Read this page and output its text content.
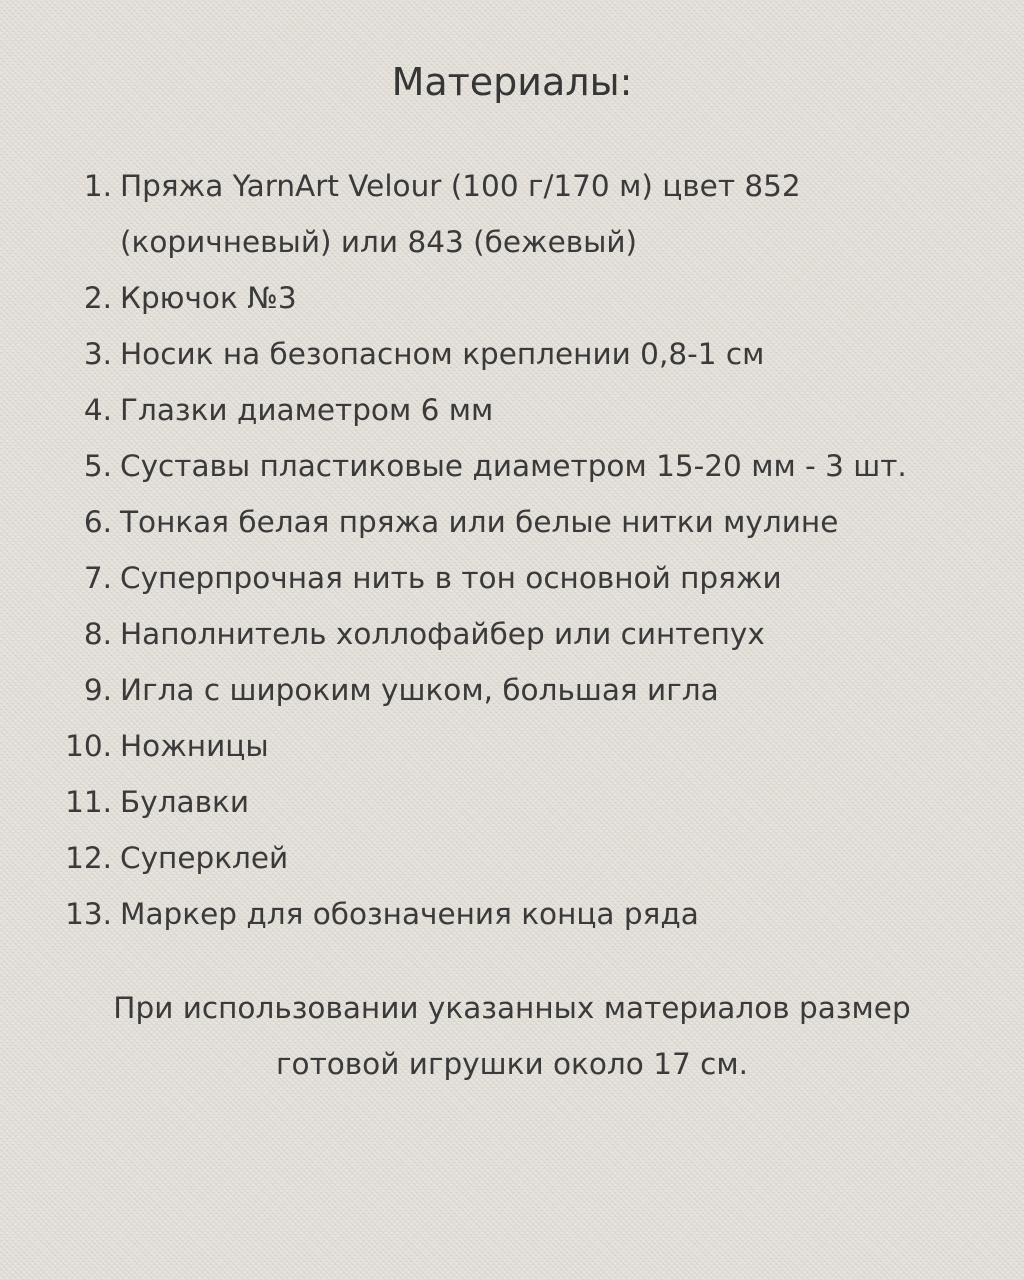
Материалы:
1. Пряжа YarnArt Velour (100 г/170 м) цвет 852 (коричневый) или 843 (бежевый)
2. Крючок №3
3. Носик на безопасном креплении 0,8-1 см
4. Глазки диаметром 6 мм
5. Суставы пластиковые диаметром 15-20 мм - 3 шт.
6. Тонкая белая пряжа или белые нитки мулине
7. Суперпрочная нить в тон основной пряжи
8. Наполнитель холлофайбер или синтепух
9. Игла с широким ушком, большая игла
10. Ножницы
11. Булавки
12. Суперклей
13. Маркер для обозначения конца ряда
При использовании указанных материалов размер
готовой игрушки около 17 см.
